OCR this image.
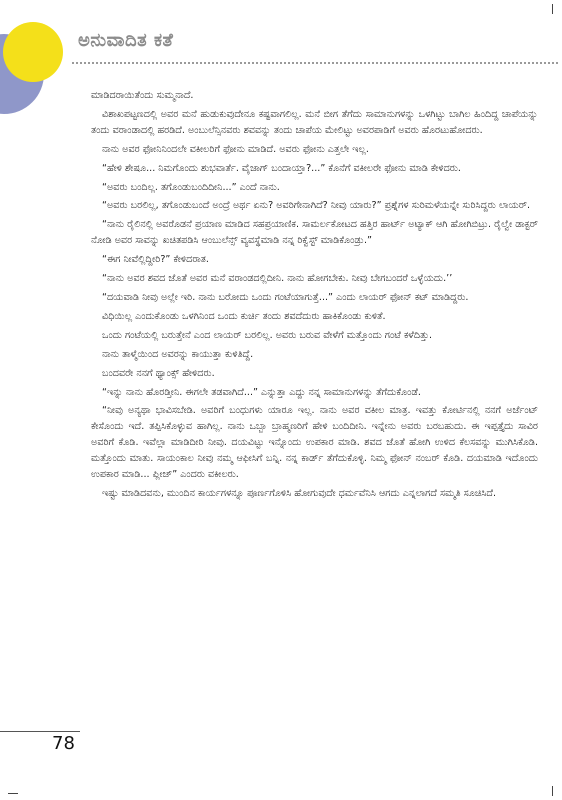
ಅನುವಾದಿತ ಕತೆ

ಮಾಡಿದರಾಯಿತೆಂದು ಸುಮ್ಮನಾದೆ.

ವಿಶಾಖಪಟ್ಟಣದಲ್ಲಿ ಅವರ ಮನೆ ಹುಡುಕುವುದೇನೂ ಕಷ್ಟವಾಗಲಿಲ್ಲ. ಮನೆ ಬೀಗ ತೆಗೆದು ಸಾಮಾನುಗಳನ್ನು ಒಳಗಿಟ್ಟು ಬಾಗಿಲ ಹಿಂದಿದ್ದ ಚಾಪೆಯನ್ನು ತಂದು ವರಾಂಡಾದಲ್ಲಿ ಹರಡಿದೆ. ಅಂಬುಲೆನ್ಸಿನವರು ಶವವನ್ನು ತಂದು ಚಾಪೆಯ ಮೇಲಿಟ್ಟು ಅವರಪಾಡಿಗೆ ಅವರು ಹೊರಟುಹೋದರು.

ನಾನು ಅವರ ಫೋನಿನಿಂದಲೇ ವಕೀಲರಿಗೆ ಫೋನು ಮಾಡಿದೆ. ಅವರು ಫೋನು ಎತ್ತಲೇ ಇಲ್ಲ.

“ಹೇಳಿ ಶೇಷೂ... ನಿಮಗೊಂದು ಶುಭವಾರ್ತೆ. ವೈಜಾಗ್ ಬಂದಾಯ್ತಾ?...” ಕೊನೆಗೆ ವಕೀಲರೇ ಫೋನು ಮಾಡಿ ಕೇಳಿದರು.

“ಅವರು ಬಂದಿಲ್ಲ. ತಗೊಂಡುಬಂದಿದೀನಿ...” ಎಂದೆ ನಾನು.

“ಅವರು ಬರಲಿಲ್ಲ, ತಗೊಂಡುಬಂದೆ ಅಂದ್ರೆ ಅರ್ಥ ಏನು? ಅವರಿಗೇನಾಗಿದೆ? ನೀವು ಯಾರು?” ಪ್ರಶ್ನೆಗಳ ಸುರಿಮಳೆಯನ್ನೇ ಸುರಿಸಿದ್ದರು ಲಾಯರ್.

“ನಾನು ರೈಲಿನಲ್ಲಿ ಅವರೊಡನೆ ಪ್ರಯಾಣ ಮಾಡಿದ ಸಹಪ್ರಯಾಣಿಕ. ಸಾಮರ್ಲಕೋಟದ ಹತ್ತಿರ ಹಾರ್ಟ್ ಅಟ್ಯಾಕ್ ಆಗಿ ಹೋಗಿಬಿಟ್ರು. ರೈಲ್ವೇ ಡಾಕ್ಟರ್ ನೋಡಿ ಅವರ ಸಾವನ್ನು ಖಚಿತಪಡಿಸಿ ಆಂಬುಲೆನ್ಸ್ ವ್ಯವಸ್ಥೆಮಾಡಿ ನನ್ನ ರಿಕ್ವೆಸ್ಟ್ ಮಾಡಿಕೊಂಡ್ರು.”

“ಈಗ ನೀವೆಲ್ಲಿದ್ದೀರಿ?” ಕೇಳಿದರಾತ.

“ನಾನು ಅವರ ಶವದ ಜೊತೆ ಅವರ ಮನೆ ವರಾಂಡದಲ್ಲಿದೀನಿ. ನಾನು ಹೋಗಬೇಕು. ನೀವು ಬೇಗಬಂದರೆ ಒಳ್ಳೆಯದು.’’

“ದಯವಾಡಿ ನೀವು ಅಲ್ಲೇ ಇರಿ. ನಾನು ಬರೋದು ಒಂದು ಗಂಟೆಯಾಗುತ್ತೆ...” ಎಂದು ಲಾಯರ್ ಫೋನ್ ಕಟ್ ಮಾಡಿದ್ದರು.

ವಿಧಿಯಿಲ್ಲ ಎಂದುಕೊಂಡು ಒಳಗಿನಿಂದ ಒಂದು ಕುರ್ಚಿ ತಂದು ಶವದೆದುರು ಹಾಕಿಕೊಂಡು ಕುಳಿತೆ.

ಒಂದು ಗಂಟೆಯಲ್ಲಿ ಬರುತ್ತೇನೆ ಎಂದ ಲಾಯರ್ ಬರಲಿಲ್ಲ. ಅವರು ಬರುವ ವೇಳೆಗೆ ಮತ್ತೊಂದು ಗಂಟೆ ಕಳೆದಿತ್ತು.

ನಾನು ತಾಳ್ಮೆಯಿಂದ ಅವರನ್ನು ಕಾಯುತ್ತಾ ಕುಳಿತಿದ್ದೆ.

ಬಂದವರೇ ನನಗೆ ಥ್ಯಾಂಕ್ಸ್ ಹೇಳಿದರು.

“ಇನ್ನು ನಾನು ಹೊರಡ್ತೀನಿ. ಈಗಲೇ ತಡವಾಗಿದೆ...” ಎನ್ನುತ್ತಾ ಎದ್ದು ನನ್ನ ಸಾಮಾನುಗಳನ್ನು ತೆಗೆದುಕೊಂಡೆ.

“ನೀವು ಅನ್ಯಥಾ ಭಾವಿಸಬೇಡಿ. ಅವರಿಗೆ ಬಂಧುಗಳು ಯಾರೂ ಇಲ್ಲ. ನಾನು ಅವರ ವಕೀಲ ಮಾತ್ರ. ಇವತ್ತು ಕೋರ್ಟಿನಲ್ಲಿ ನನಗೆ ಅರ್ಜೆಂಟ್ ಕೇಸೊಂದು ಇದೆ. ತಪ್ಪಿಸಿಕೊಳ್ಳುವ ಹಾಗಿಲ್ಲ. ನಾನು ಒಬ್ಬಾ ಬ್ರಾಹ್ಮಣರಿಗೆ ಹೇಳಿ ಬಂದಿದೀನಿ. ಇನ್ನೇನು ಅವರು ಬರಬಹುದು. ಈ ಇಪ್ಪತ್ತೈದು ಸಾವಿರ ಅವರಿಗೆ ಕೊಡಿ. ಇವೆಲ್ಲಾ ಮಾಡಿದೀರಿ ನೀವು. ದಯವಿಟ್ಟು ಇನ್ನೊಂದು ಉಪಕಾರ ಮಾಡಿ. ಶವದ ಜೊತೆ ಹೋಗಿ ಉಳಿದ ಕೆಲಸವನ್ನು ಮುಗಿಸಿಕೊಡಿ. ಮತ್ತೊಂದು ಮಾತು. ಸಾಯಂಕಾಲ ನೀವು ನಮ್ಮ ಆಫೀಸಿಗೆ ಬನ್ನಿ. ನನ್ನ ಕಾರ್ಡ್ ತೆಗೆದುಕೊಳ್ಳಿ. ನಿಮ್ಮ ಫೋನ್ ನಂಬರ್ ಕೊಡಿ. ದಯಮಾಡಿ ಇದೊಂದು ಉಪಕಾರ ಮಾಡಿ... ಪ್ಲೀಜ್” ಎಂದರು ವಕೀಲರು.

ಇಷ್ಟು ಮಾಡಿದವನು, ಮುಂದಿನ ಕಾರ್ಯಗಳನ್ನೂ ಪೂರ್ಣಗೊಳಿಸಿ ಹೋಗುವುದೇ ಧರ್ಮವೆನಿಸಿ ಆಗದು ಎನ್ನಲಾಗದೆ ಸಮ್ಮತಿ ಸೂಚಿಸಿದೆ.

78
